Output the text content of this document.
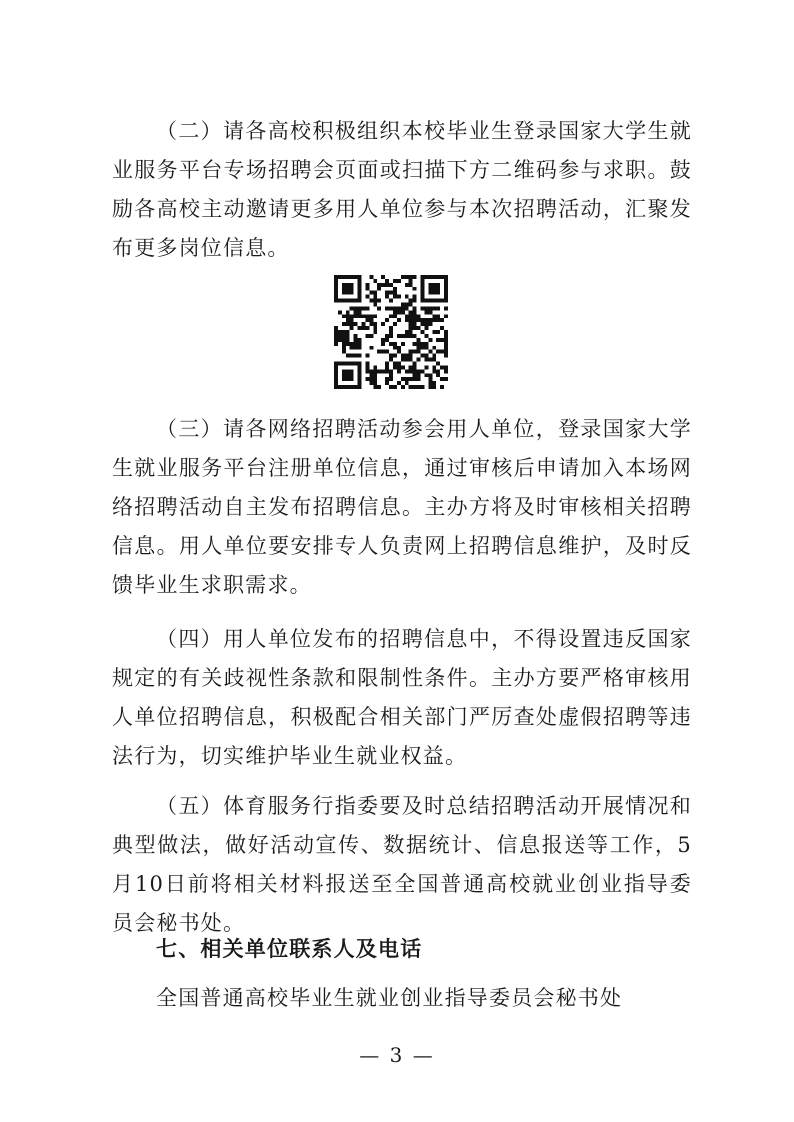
（二）请各高校积极组织本校毕业生登录国家大学生就业服务平台专场招聘会页面或扫描下方二维码参与求职。鼓励各高校主动邀请更多用人单位参与本次招聘活动，汇聚发布更多岗位信息。

（三）请各网络招聘活动参会用人单位，登录国家大学生就业服务平台注册单位信息，通过审核后申请加入本场网络招聘活动自主发布招聘信息。主办方将及时审核相关招聘信息。用人单位要安排专人负责网上招聘信息维护，及时反馈毕业生求职需求。

（四）用人单位发布的招聘信息中，不得设置违反国家规定的有关歧视性条款和限制性条件。主办方要严格审核用人单位招聘信息，积极配合相关部门严厉查处虚假招聘等违法行为，切实维护毕业生就业权益。

（五）体育服务行指委要及时总结招聘活动开展情况和典型做法，做好活动宣传、数据统计、信息报送等工作，5月10日前将相关材料报送至全国普通高校就业创业指导委员会秘书处。

七、相关单位联系人及电话

全国普通高校毕业生就业创业指导委员会秘书处

— 3 —
